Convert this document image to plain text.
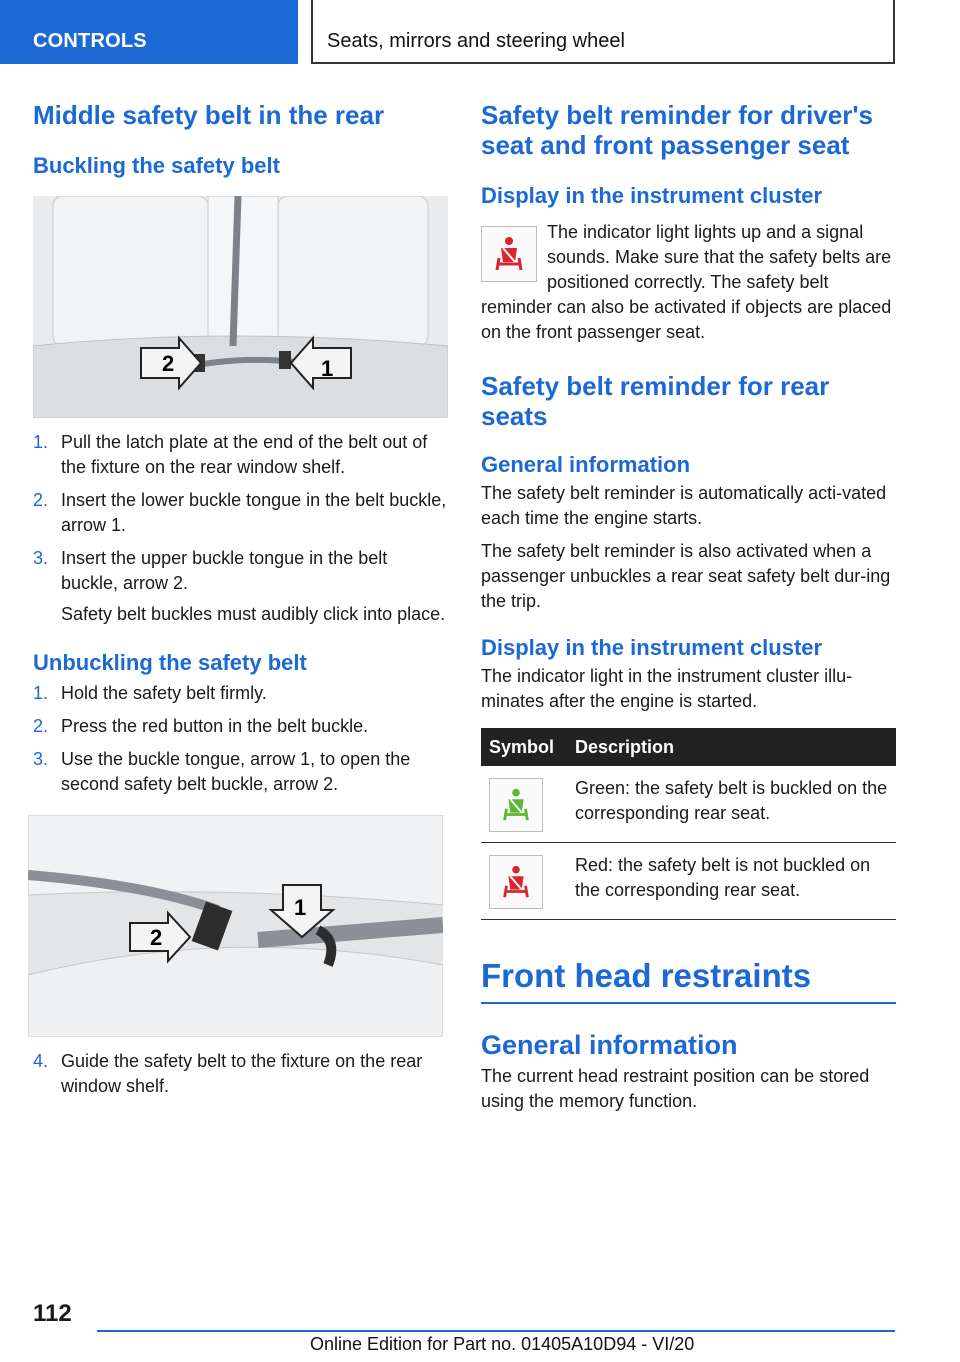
CONTROLS	Seats, mirrors and steering wheel
Middle safety belt in the rear
Buckling the safety belt
2	1
1. Pull the latch plate at the end of the belt out of the fixture on the rear window shelf.
2. Insert the lower buckle tongue in the belt buckle, arrow 1.
3. Insert the upper buckle tongue in the belt buckle, arrow 2.

Safety belt buckles must audibly click into place.

Unbuckling the safety belt
1. Hold the safety belt firmly.
2. Press the red button in the belt buckle.
3. Use the buckle tongue, arrow 1, to open the second safety belt buckle, arrow 2.
2
1
4. Guide the safety belt to the fixture on the rear window shelf.
Safety belt reminder for driver's seat and front passenger seat
Display in the instrument cluster

The indicator light lights up and a signal sounds. Make sure that the safety belts are positioned correctly. The safety belt reminder can also be activated if objects are placed on the front passenger seat.

Safety belt reminder for rear seats
General information

The safety belt reminder is automatically acti-vated each time the engine starts.

The safety belt reminder is also activated when a passenger unbuckles a rear seat safety belt dur-ing the trip.

Display in the instrument cluster

The indicator light in the instrument cluster illu-minates after the engine is started.

Symbol	Description

	Green: the safety belt is buckled on the corresponding rear seat.

	Red: the safety belt is not buckled on the corresponding rear seat.
Front head restraints
General information

The current head restraint position can be stored using the memory function.

112
Online Edition for Part no. 01405A10D94 - VI/20
